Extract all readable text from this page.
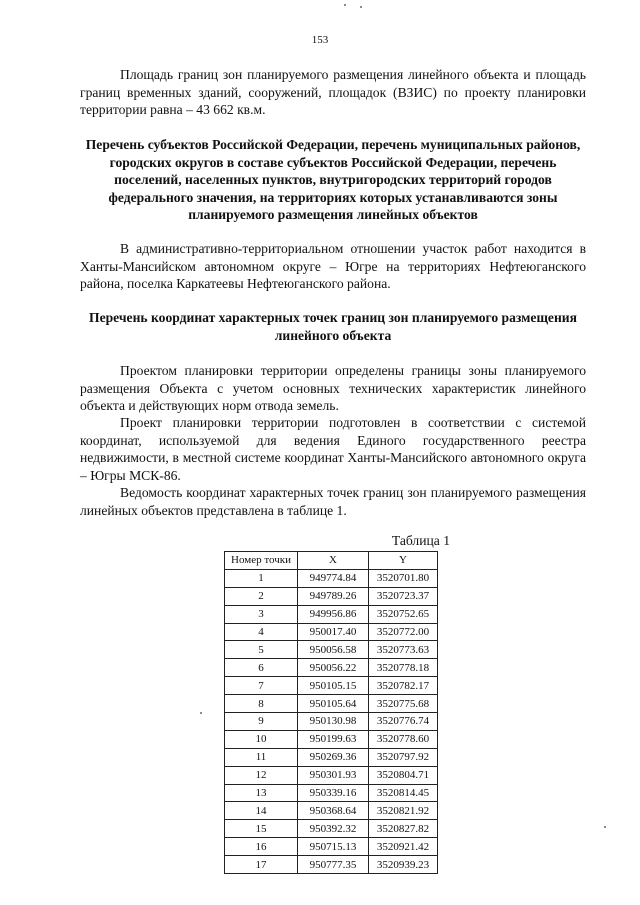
153

Площадь границ зон планируемого размещения линейного объекта и площадь границ временных зданий, сооружений, площадок (ВЗИС) по проекту планировки территории равна – 43 662 кв.м.

Перечень субъектов Российской Федерации, перечень муниципальных районов, городских округов в составе субъектов Российской Федерации, перечень поселений, населенных пунктов, внутригородских территорий городов федерального значения, на территориях которых устанавливаются зоны планируемого размещения линейных объектов

В административно-территориальном отношении участок работ находится в Ханты-Мансийском автономном округе – Югре на территориях Нефтеюганского района, поселка Каркатеевы Нефтеюганского района.

Перечень координат характерных точек границ зон планируемого размещения линейного объекта

Проектом планировки территории определены границы зоны планируемого размещения Объекта с учетом основных технических характеристик линейного объекта и действующих норм отвода земель.

Проект планировки территории подготовлен в соответствии с системой координат, используемой для ведения Единого государственного реестра недвижимости, в местной системе координат Ханты-Мансийского автономного округа – Югры МСК-86.

Ведомость координат характерных точек границ зон планируемого размещения линейных объектов представлена в таблице 1.

Таблица 1
Номер точки	X	Y
1	949774.84	3520701.80
2	949789.26	3520723.37
3	949956.86	3520752.65
4	950017.40	3520772.00
5	950056.58	3520773.63
6	950056.22	3520778.18
7	950105.15	3520782.17
8	950105.64	3520775.68
9	950130.98	3520776.74
10	950199.63	3520778.60
11	950269.36	3520797.92
12	950301.93	3520804.71
13	950339.16	3520814.45
14	950368.64	3520821.92
15	950392.32	3520827.82
16	950715.13	3520921.42
17	950777.35	3520939.23
